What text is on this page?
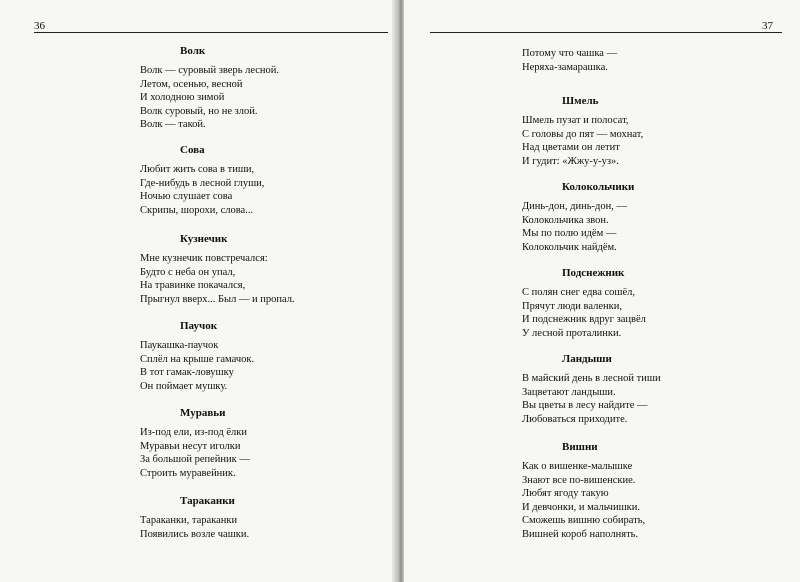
36
Волк
Волк — суровый зверь лесной.
Летом, осенью, весной
И холодною зимой
Волк суровый, но не злой.
Волк — такой.
Сова
Любит жить сова в тиши,
Где-нибудь в лесной глуши,
Ночью слушает сова
Скрипы, шорохи, слова...
Кузнечик
Мне кузнечик повстречался:
Будто с неба он упал,
На травинке покачался,
Прыгнул вверх... Был — и пропал.
Паучок
Паукашка-паучок
Сплёл на крыше гамачок.
В тот гамак-ловушку
Он поймает мушку.
Муравьи
Из-под ели, из-под ёлки
Муравьи несут иголки
За большой репейник —
Строить муравейник.
Тараканки
Тараканки, тараканки
Появились возле чашки.
37
Потому что чашка —
Неряха-замарашка.
Шмель
Шмель пузат и полосат,
С головы до пят — мохнат,
Над цветами он летит
И гудит: «Жжу-у-уз».
Колокольчики
Динь-дон, динь-дон, —
Колокольчика звон.
Мы по полю идём —
Колокольчик найдём.
Подснежник
С полян снег едва сошёл,
Прячут люди валенки,
И подснежник вдруг зацвёл
У лесной проталинки.
Ландыши
В майский день в лесной тиши
Зацветают ландыши.
Вы цветы в лесу найдите —
Любоваться приходите.
Вишни
Как о вишенке-малышке
Знают все по-вишенские.
Любят ягоду такую
И девчонки, и мальчишки.
Сможешь вишню собирать,
Вишней короб наполнять.
